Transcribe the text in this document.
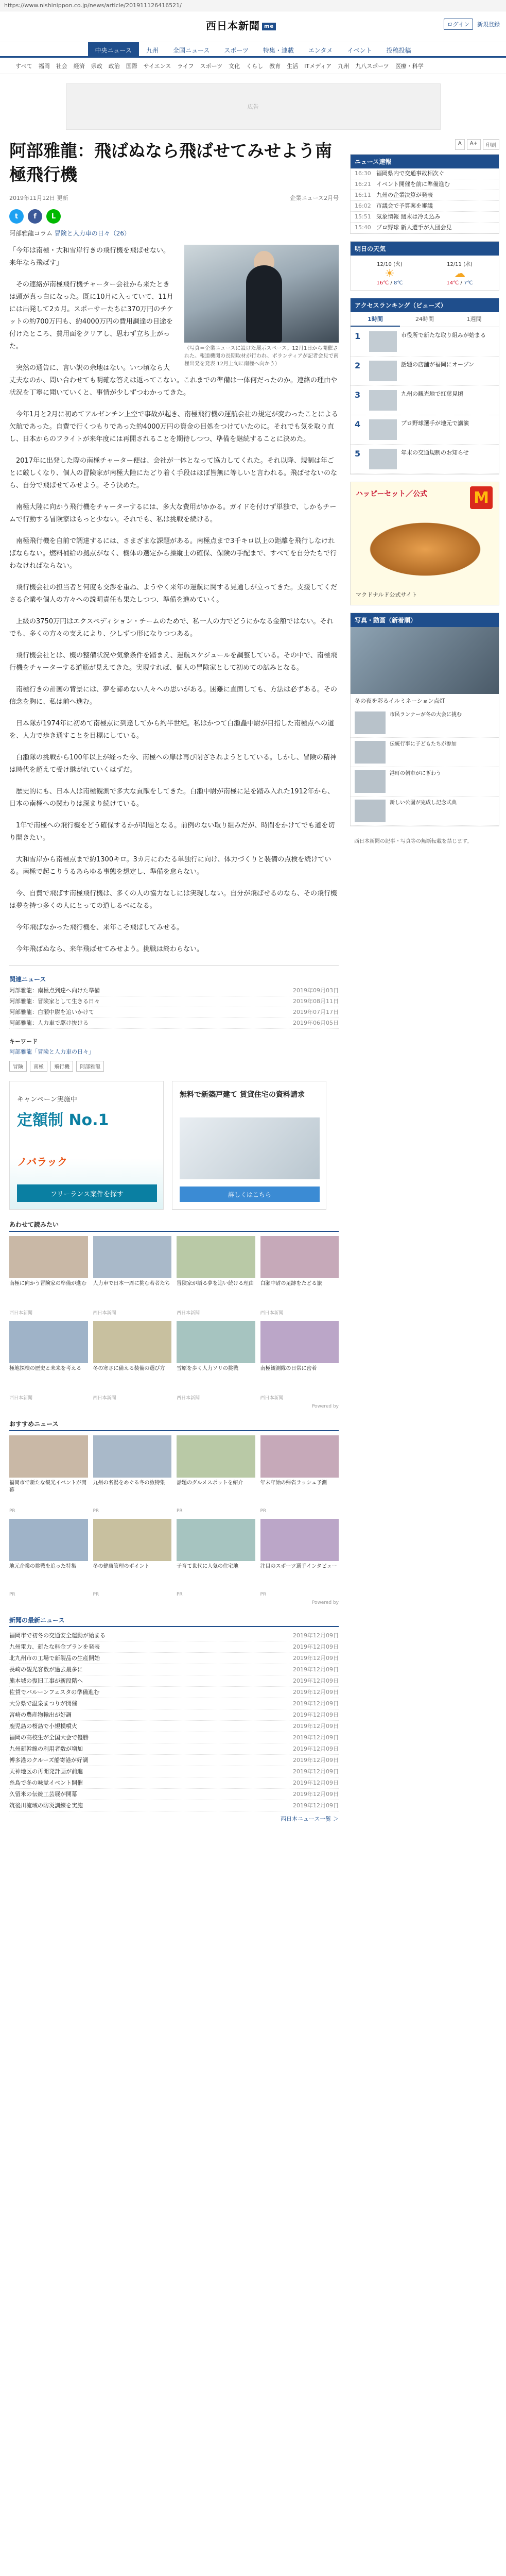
https://www.nishinippon.co.jp/news/article/201911126416521/
西日本新聞 me	ログイン	新規登録
中央ニュース	九州	全国ニュース	スポーツ	特集・連載	エンタメ	イベント	投稿投稿
すべて 福岡 社会 経済 県政 政治 国際 サイエンス ライフ スポーツ 文化 くらし 教育 生活 ITメディア 九州 九八スポーツ 医療・科学
広告
阿部雅龍：飛ばぬなら飛ばせてみせよう南極飛行機
2019年11月12日 更新	企業ニュース2月号
t	f	L
阿部雅龍コラム 冒険と人力車の日々（26）
（写真＝企業ニュースに設けた展示スペース。12月1日から開催された。報道機関の長期取材が行われ、ボランティアが記者会見で南極出発を発表 12月上旬に南極へ向かう）

「今年は南極・大和雪岸行きの飛行機を飛ばせない。来年なら飛ばす」

その連絡が南極飛行機チャーター会社から来たときは頭が真っ白になった。既に10月に入っていて、11月には出発して2カ月。スポーサーたちに370万円のチケットの約700万円も、約4000万円の費用調達の目途を付けたところ、費用面をクリアし、思わず立ち上がった。

突然の通告に、言い訳の余地はない。いつ頃なら大丈夫なのか、問い合わせても明確な答えは返ってこない。これまでの準備は一体何だったのか。連絡の理由や状況を丁寧に聞いていくと、事情が少しずつわかってきた。

今年1月と2月に初めてアルゼンチン上空で事故が起き、南極飛行機の運航会社の規定が変わったことによる欠航であった。自費で行くつもりであった約4000万円の資金の目処をつけていたのに。それでも気を取り直し、日本からのフライトが来年度には再開されることを期待しつつ、準備を継続することに決めた。

2017年に出発した際の南極チャーター便は、会社が一体となって協力してくれた。それ以降、規制は年ごとに厳しくなり、個人の冒険家が南極大陸にたどり着く手段はほぼ皆無に等しいと言われる。飛ばせないのなら、自分で飛ばせてみせよう。そう決めた。

南極大陸に向かう飛行機をチャーターするには、多大な費用がかかる。ガイドを付けず単独で、しかもチームで行動する冒険家はもっと少ない。それでも、私は挑戦を続ける。

南極飛行機を自前で調達するには、さまざまな課題がある。南極点まで3千キロ以上の距離を飛行しなければならない。燃料補給の拠点がなく、機体の選定から操縦士の確保、保険の手配まで、すべてを自分たちで行わなければならない。

飛行機会社の担当者と何度も交渉を重ね、ようやく来年の運航に関する見通しが立ってきた。支援してくださる企業や個人の方々への説明責任も果たしつつ、準備を進めていく。

上級の3750万円はエクスペディション・チームのためで、私一人の力でどうにかなる金額ではない。それでも、多くの方々の支えにより、少しずつ形になりつつある。

飛行機会社とは、機の整備状況や気象条件を踏まえ、運航スケジュールを調整している。その中で、南極飛行機をチャーターする道筋が見えてきた。実現すれば、個人の冒険家として初めての試みとなる。

南極行きの計画の背景には、夢を諦めない人々への思いがある。困難に直面しても、方法は必ずある。その信念を胸に、私は前へ進む。

日本隊が1974年に初めて南極点に到達してから約半世紀。私はかつて白瀬矗中尉が目指した南極点への道を、人力で歩き通すことを目標にしている。

白瀬隊の挑戦から100年以上が経った今、南極への扉は再び閉ざされようとしている。しかし、冒険の精神は時代を超えて受け継がれていくはずだ。

歴史的にも、日本人は南極観測で多大な貢献をしてきた。白瀬中尉が南極に足を踏み入れた1912年から、日本の南極への関わりは深まり続けている。

1年で南極への飛行機をどう確保するかが問題となる。前例のない取り組みだが、時間をかけてでも道を切り開きたい。

大和雪岸から南極点まで約1300キロ。3カ月にわたる単独行に向け、体力づくりと装備の点検を続けている。南極で起こりうるあらゆる事態を想定し、準備を怠らない。

今、自費で飛ばす南極飛行機は、多くの人の協力なしには実現しない。自分が飛ばせるのなら、その飛行機は夢を持つ多くの人にとっての道しるべになる。

今年飛ばなかった飛行機を、来年こそ飛ばしてみせる。

今年飛ばぬなら、来年飛ばせてみせよう。挑戦は終わらない。

関連ニュース
阿部雅龍：南極点到達へ向けた準備	2019年09月03日
阿部雅龍：冒険家として生きる日々	2019年08月11日
阿部雅龍：白瀬中尉を追いかけて	2019年07月17日
阿部雅龍：人力車で駆け抜ける	2019年06月05日
キーワード
阿部雅龍「冒険と人力車の日々」
冒険	南極	飛行機	阿部雅龍
キャンペーン実施中
定額制 No.1
ノバラック
フリーランス案件を探す
無料で新築戸建て 賃貸住宅の資料請求
詳しくはこちら
あわせて読みたい
南極に向かう冒険家の準備が進む
西日本新聞
人力車で日本一周に挑む若者たち
西日本新聞
冒険家が語る夢を追い続ける理由
西日本新聞
白瀬中尉の足跡をたどる旅
西日本新聞
極地探検の歴史と未来を考える
西日本新聞
冬の寒さに備える装備の選び方
西日本新聞
雪原を歩く人力ソリの挑戦
西日本新聞
南極観測隊の日常に密着
西日本新聞
Powered by
おすすめニュース
福岡市で新たな観光イベントが開幕
PR
九州の名湯をめぐる冬の旅特集
PR
話題のグルメスポットを紹介
PR
年末年始の帰省ラッシュ予測
PR
地元企業の挑戦を追った特集
PR
冬の健康管理のポイント
PR
子育て世代に人気の住宅地
PR
注目のスポーツ選手インタビュー
PR
Powered by
新聞の最新ニュース
福岡市で初冬の交通安全運動が始まる	2019年12月09日
九州電力、新たな料金プランを発表	2019年12月09日
北九州市の工場で新製品の生産開始	2019年12月09日
長崎の観光客数が過去最多に	2019年12月09日
熊本城の復旧工事が新段階へ	2019年12月09日
佐賀でバルーンフェスタの準備進む	2019年12月09日
大分県で温泉まつりが開催	2019年12月09日
宮崎の農産物輸出が好調	2019年12月09日
鹿児島の桜島で小規模噴火	2019年12月09日
福岡の高校生が全国大会で優勝	2019年12月09日
九州新幹線の利用者数が増加	2019年12月09日
博多港のクルーズ船寄港が好調	2019年12月09日
天神地区の再開発計画が前進	2019年12月09日
糸島で冬の味覚イベント開催	2019年12月09日
久留米の伝統工芸展が開幕	2019年12月09日
筑後川流域の防災訓練を実施	2019年12月09日
西日本ニュース一覧 ＞
A	A+	印刷
ニュース速報
16:30 福岡県内で交通事故相次ぐ
16:21 イベント開催を前に準備進む
16:11 九州の企業決算が発表
16:02 市議会で予算案を審議
15:51 気象情報 週末は冷え込み
15:40 プロ野球 新人選手が入団会見
明日の天気
12/10 (火)
☀
16℃ / 8℃
12/11 (水)
☁
14℃ / 7℃
アクセスランキング（ビューズ）
1時間	24時間	1週間
1	市役所で新たな取り組みが始まる
2	話題の店舗が福岡にオープン
3	九州の観光地で紅葉見頃
4	プロ野球選手が地元で講演
5	年末の交通規制のお知らせ
ハッピーセット／公式	M
マクドナルド公式サイト
写真・動画（新着順）
冬の夜を彩るイルミネーション点灯
市民ランナーが冬の大会に挑む
伝統行事に子どもたちが参加
港町の朝市がにぎわう
新しい公園が完成し記念式典
西日本新聞の記事・写真等の無断転載を禁じます。
